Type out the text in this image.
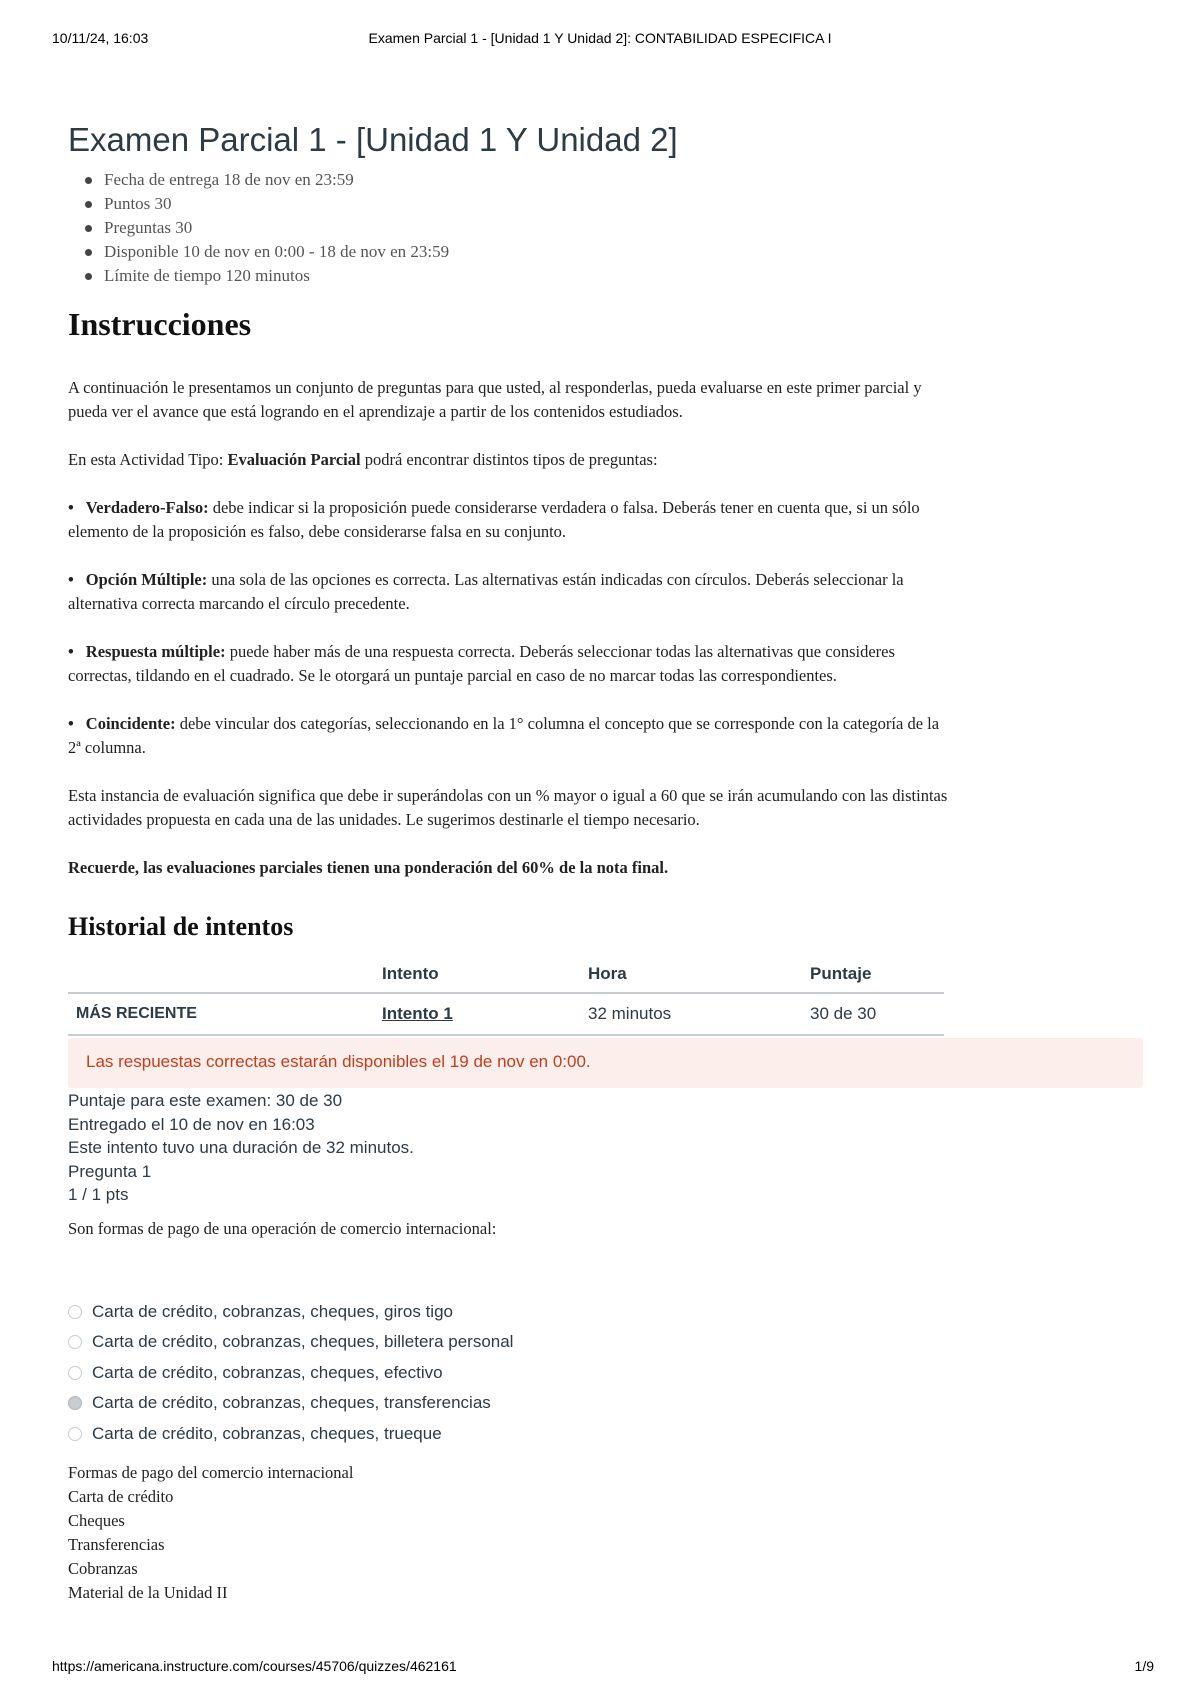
10/11/24, 16:03	Examen Parcial 1 - [Unidad 1 Y Unidad 2]: CONTABILIDAD ESPECIFICA I
Examen Parcial 1 - [Unidad 1 Y Unidad 2]
Fecha de entrega 18 de nov en 23:59
Puntos 30
Preguntas 30
Disponible 10 de nov en 0:00 - 18 de nov en 23:59
Límite de tiempo 120 minutos
Instrucciones

A continuación le presentamos un conjunto de preguntas para que usted, al responderlas, pueda evaluarse en este primer parcial y pueda ver el avance que está logrando en el aprendizaje a partir de los contenidos estudiados.

En esta Actividad Tipo: Evaluación Parcial podrá encontrar distintos tipos de preguntas:

• Verdadero-Falso: debe indicar si la proposición puede considerarse verdadera o falsa. Deberás tener en cuenta que, si un sólo elemento de la proposición es falso, debe considerarse falsa en su conjunto.

• Opción Múltiple: una sola de las opciones es correcta. Las alternativas están indicadas con círculos. Deberás seleccionar la alternativa correcta marcando el círculo precedente.

• Respuesta múltiple: puede haber más de una respuesta correcta. Deberás seleccionar todas las alternativas que consideres correctas, tildando en el cuadrado. Se le otorgará un puntaje parcial en caso de no marcar todas las correspondientes.

• Coincidente: debe vincular dos categorías, seleccionando en la 1° columna el concepto que se corresponde con la categoría de la 2ª columna.

Esta instancia de evaluación significa que debe ir superándolas con un % mayor o igual a 60 que se irán acumulando con las distintas actividades propuesta en cada una de las unidades. Le sugerimos destinarle el tiempo necesario.

Recuerde, las evaluaciones parciales tienen una ponderación del 60% de la nota final.

Historial de intentos
	Intento	Hora	Puntaje
MÁS RECIENTE	Intento 1	32 minutos	30 de 30
Las respuestas correctas estarán disponibles el 19 de nov en 0:00.
Puntaje para este examen: 30 de 30
Entregado el 10 de nov en 16:03
Este intento tuvo una duración de 32 minutos.
Pregunta 1
1 / 1 pts
Son formas de pago de una operación de comercio internacional:
Carta de crédito, cobranzas, cheques, giros tigo
Carta de crédito, cobranzas, cheques, billetera personal
Carta de crédito, cobranzas, cheques, efectivo
Carta de crédito, cobranzas, cheques, transferencias
Carta de crédito, cobranzas, cheques, trueque
Formas de pago del comercio internacional
Carta de crédito
Cheques
Transferencias
Cobranzas
Material de la Unidad II
https://americana.instructure.com/courses/45706/quizzes/462161	1/9
